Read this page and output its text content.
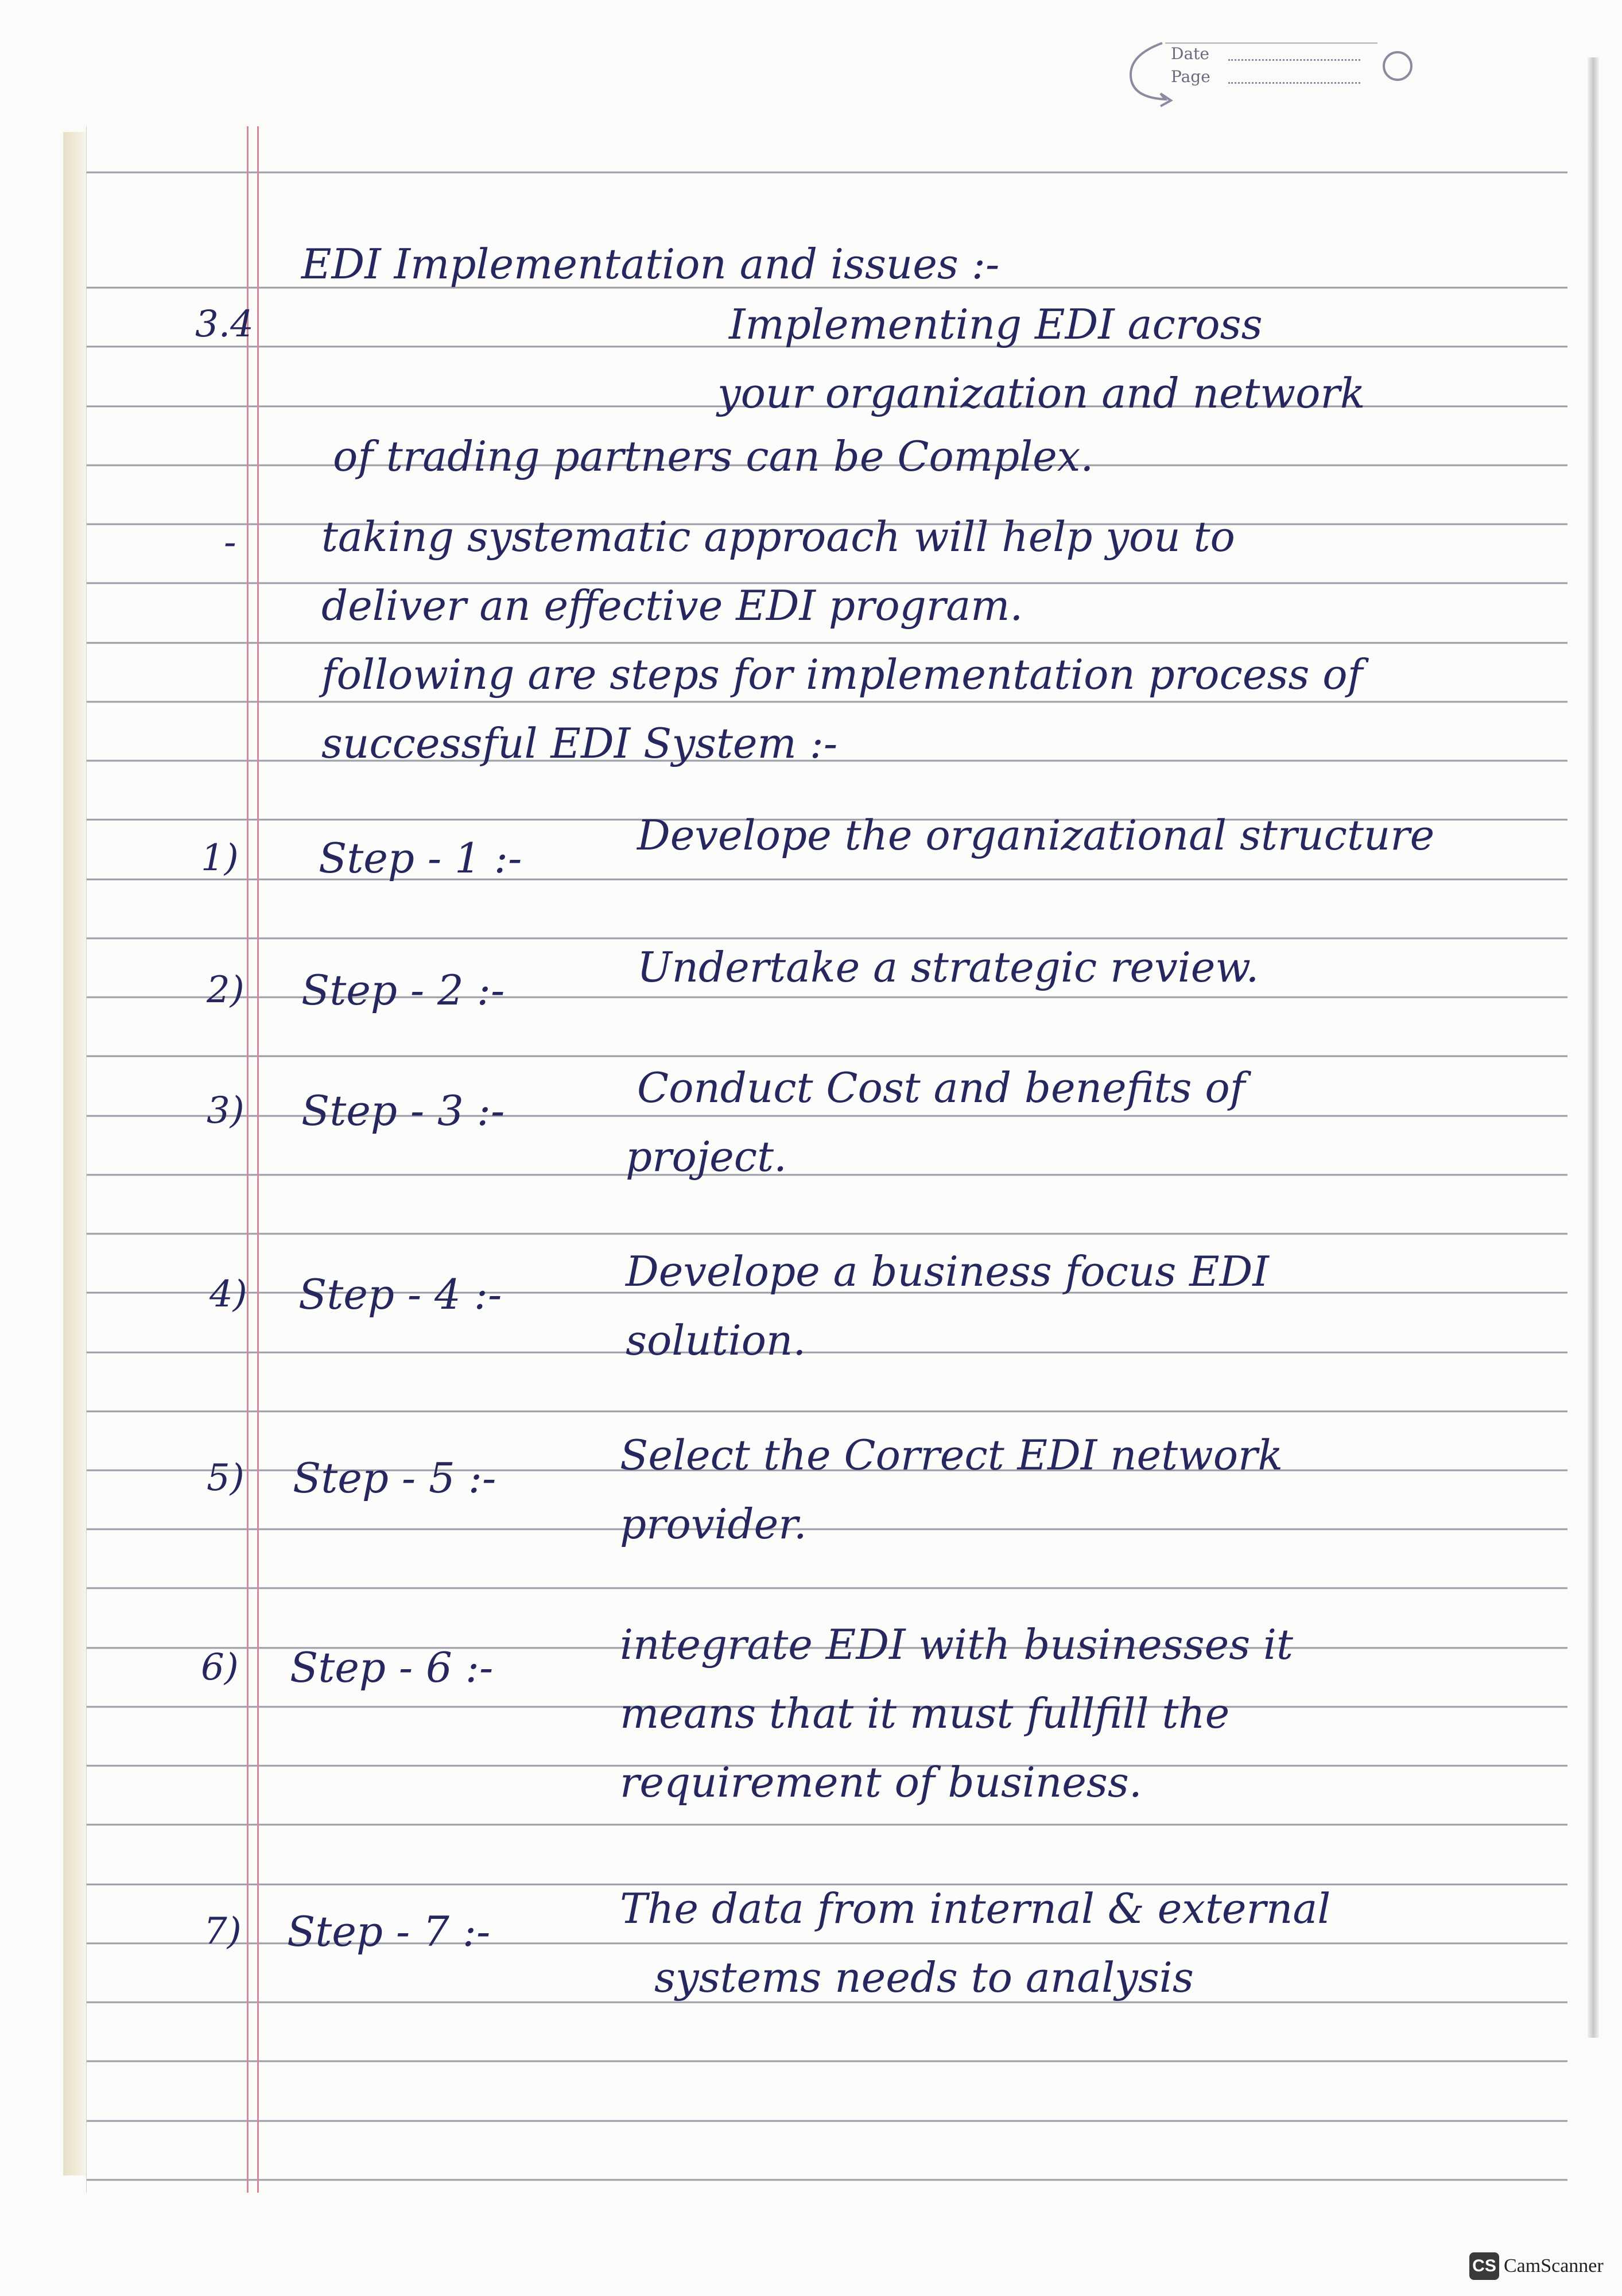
Date
Page
EDI Implementation and issues :-
3.4	Implementing EDI across
your organization and network
of trading partners can be Complex.
- taking systematic approach will help you to
deliver an effective EDI program.
following are steps for implementation process of
successful EDI System :-
1) Step - 1 :-	Develope the organizational structure
2) Step - 2 :-	Undertake a strategic review.
3) Step - 3 :-	Conduct Cost and benefits of
project.
4) Step - 4 :-	Develope a business focus EDI
solution.
5) Step - 5 :-	Select the Correct EDI network
provider.
6) Step - 6 :-	integrate EDI with businesses it
means that it must fullfill the
requirement of business.
7) Step - 7 :-	The data from internal & external
systems needs to analysis
CS CamScanner
